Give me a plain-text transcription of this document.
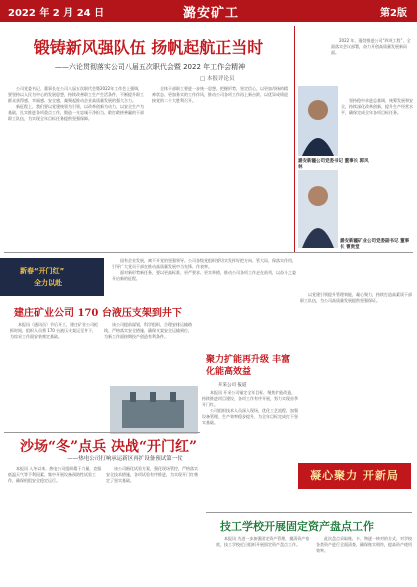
2022 年 2 月 24 日	潞安矿工	第2版
锻铸新风强队伍 扬帆起航正当时
——六论贯彻落实公司八届五次职代会暨 2022 年工作会精神
□ 本报评论员

公司党委书记、董事长在公司八届五次职代会暨2022年工作会上强调，要坚持以人民为中心的发展思想，持续改善职工生产生活条件，不断提升职工群众获得感、幸福感、安全感，凝聚起推动企业高质量发展的强大合力。

新征程上，我们要以党建统领为引领，以改革创新为动力，以安全生产为基础，扎实推进各项重点工作，锻造一支忠诚干净担当、敢打敢拼善赢的干部职工队伍，为实现全年目标任务提供坚强保障。

全体干部职工要进一步统一思想，把握形势，坚定信心，以更加昂扬的精神状态、更加务实的工作作风，推动公司各项工作再上新台阶，以优异成绩迎接党的二十大胜利召开。

2022 年，蓬勃推进公司“四项工程”，全面落实会议部署，奋力开创高质量发展新局面。

潞安新疆公司党委书记 董事长 郭风林

坚持稳中求进总基调，统筹发展和安全，持续深化改革创新，提升生产经营水平，确保完成全年各项目标任务。

潞安新疆矿业公司党委副书记 董事长 曹贵堂
凝心聚力 开新局

以党建引领提升管理效能，凝心聚力，持续打造高素质干部职工队伍，为公司高质量发展提供坚强保证。

新春“开门红”
全力以赴
建庄矿业公司 170 台液压支架到井下

本报讯（通讯员）节后开工，建庄矿业公司抢抓时间，组织人员将 170 台液压支架运至井下，为综采工作面安装奠定基础。

该公司提前谋划，科学组织，合理安排运输路线，严格落实安全措施，确保支架安全运输到位，为新工作面按期投产创造有利条件。

国有企业发展，离不开党的坚强领导。公司各级党组织要切实发挥好把方向、管大局、保落实作用，引导广大党员干部在推动高质量发展中当先锋、作表率。

面对新形势新任务，要以更高标准、更严要求、更实举措，推动公司各项工作走在前列，以奋斗之姿开启新的征程。

聚力扩能再升级 丰富化能高效益
开采公司 报道

本报讯 开采公司锚定全年目标，聚焦扩能改造，持续推进项目建设，各项工作有序开展，努力实现首季开门红。

公司组织技术人员深入现场，优化工艺流程，加强设备管理，生产效率稳步提升，为全年目标完成打下坚实基础。

沙场“冬”点兵 决战“开门红”
——热电公司打响承运新区再扩设备预试第一仗

本报讯 入冬以来，热电公司组织精干力量，克服低温天气等不利因素，集中开展设备预防性试验工作，确保机组安全稳定运行。

该公司细化试验方案，强化现场管控，严格落实安全技术措施，各项试验有序推进，为实现开门红奠定了坚实基础。

技工学校开展固定资产盘点工作

本报讯 为进一步加强固定资产管理，摸清资产家底，技工学校近日组织开展固定资产盘点工作。

此次盘点采取账、卡、物逐一核对的方式，对学校各类资产进行全面清查，确保账实相符，提高资产使用效率。
